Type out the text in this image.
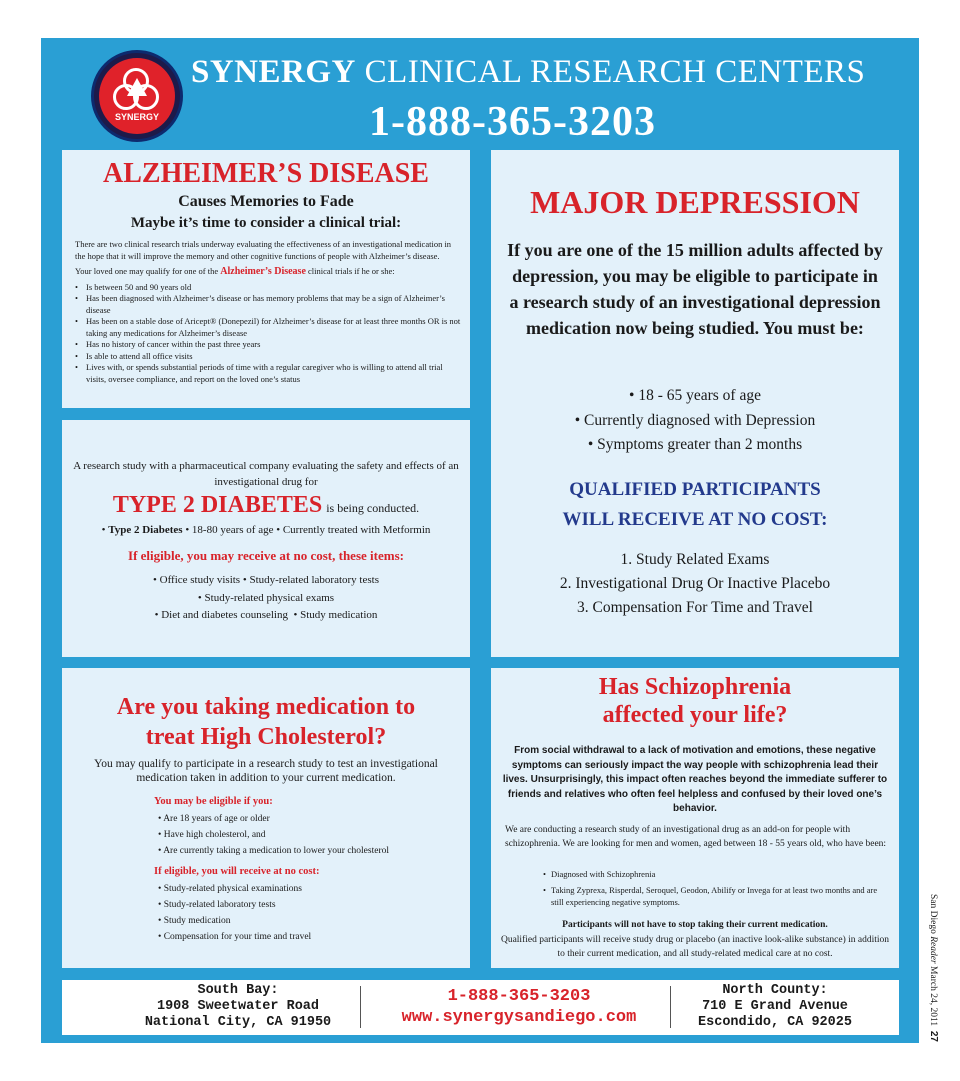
SYNERGY
SYNERGY CLINICAL RESEARCH CENTERS
1-888-365-3203
ALZHEIMER’S DISEASE
Causes Memories to Fade
Maybe it’s time to consider a clinical trial:

There are two clinical research trials underway evaluating the effectiveness of an investigational medication in the hope that it will improve the memory and other cognitive functions of people with Alzheimer’s disease.

Your loved one may qualify for one of the Alzheimer’s Disease clinical trials if he or she:

• Is between 50 and 90 years old
• Has been diagnosed with Alzheimer’s disease or has memory problems that may be a sign of Alzheimer’s disease
• Has been on a stable dose of Aricept® (Donepezil) for Alzheimer’s disease for at least three months OR is not taking any medications for Alzheimer’s disease
• Has no history of cancer within the past three years
• Is able to attend all office visits
• Lives with, or spends substantial periods of time with a regular caregiver who is willing to attend all trial visits, oversee compliance, and report on the loved one’s status
A research study with a pharmaceutical company evaluating the safety and effects of an investigational drug for
TYPE 2 DIABETES is being conducted.
• Type 2 Diabetes • 18-80 years of age • Currently treated with Metformin
If eligible, you may receive at no cost, these items:
• Office study visits • Study-related laboratory tests
• Study-related physical exams
• Diet and diabetes counseling  • Study medication
MAJOR DEPRESSION
If you are one of the 15 million adults affected by depression, you may be eligible to participate in a research study of an investigational depression medication now being studied. You must be:
• 18 - 65 years of age
• Currently diagnosed with Depression
• Symptoms greater than 2 months
QUALIFIED PARTICIPANTS
WILL RECEIVE AT NO COST:
1. Study Related Exams
2. Investigational Drug Or Inactive Placebo
3. Compensation For Time and Travel
Are you taking medication to
treat High Cholesterol?
You may qualify to participate in a research study to test an investigational medication taken in addition to your current medication.
You may be eligible if you:
• Are 18 years of age or older
• Have high cholesterol, and
• Are currently taking a medication to lower your cholesterol
If eligible, you will receive at no cost:
• Study-related physical examinations
• Study-related laboratory tests
• Study medication
• Compensation for your time and travel
Has Schizophrenia
affected your life?
From social withdrawal to a lack of motivation and emotions, these negative symptoms can seriously impact the way people with schizophrenia lead their lives. Unsurprisingly, this impact often reaches beyond the immediate sufferer to friends and relatives who often feel helpless and confused by their loved one’s behavior.
We are conducting a research study of an investigational drug as an add-on for people with schizophrenia. We are looking for men and women, aged between 18 - 55 years old, who have been:
• Diagnosed with Schizophrenia
• Taking Zyprexa, Risperdal, Seroquel, Geodon, Abilify or Invega for at least two months and are still experiencing negative symptoms.
Participants will not have to stop taking their current medication.
Qualified participants will receive study drug or placebo (an inactive look-alike substance) in addition to their current medication, and all study-related medical care at no cost.
South Bay:
1908 Sweetwater Road
National City, CA 91950
1-888-365-3203
www.synergysandiego.com
North County:
710 E Grand Avenue
Escondido, CA 92025
San Diego Reader March 24, 2011  27
